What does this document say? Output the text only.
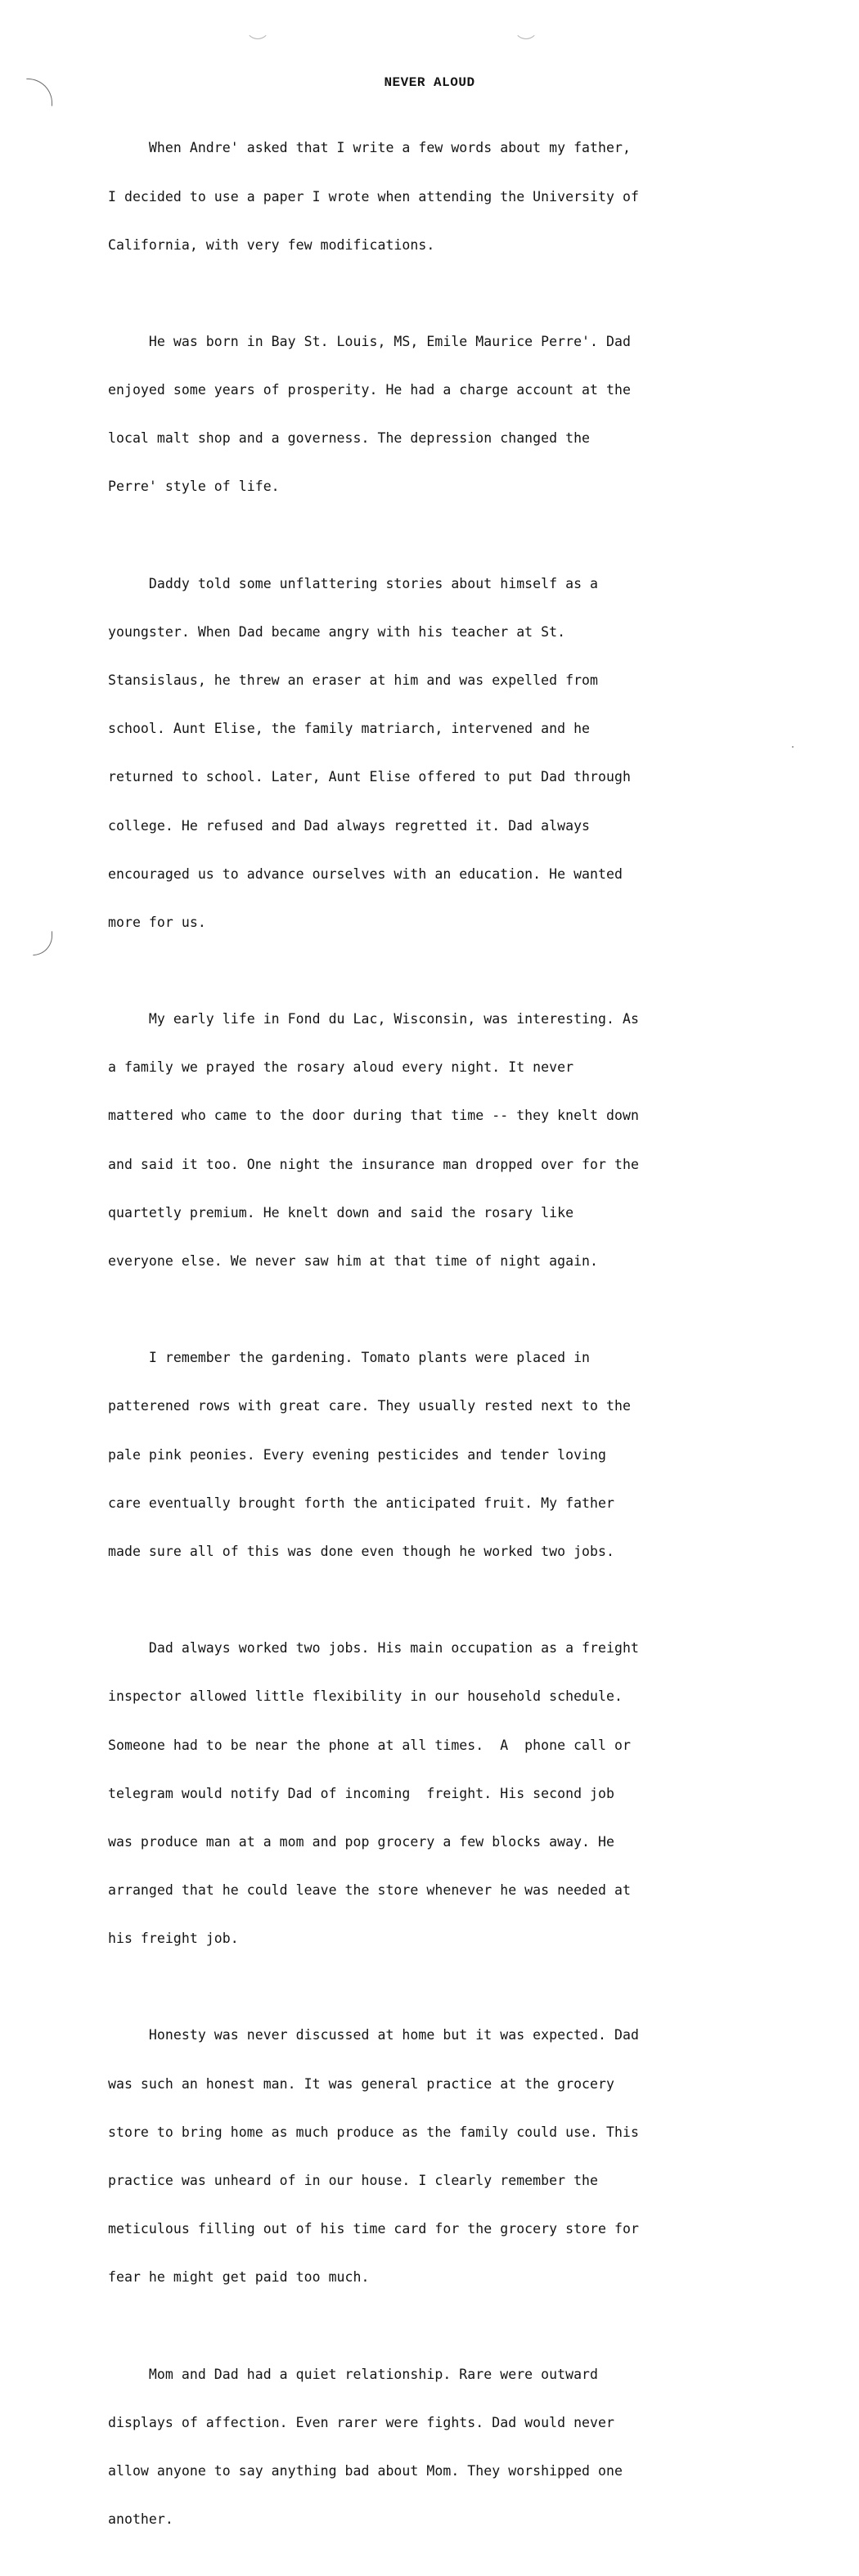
NEVER ALOUD

When Andre' asked that I write a few words about my father,

I decided to use a paper I wrote when attending the University of

California, with very few modifications.

He was born in Bay St. Louis, MS, Emile Maurice Perre'. Dad

enjoyed some years of prosperity. He had a charge account at the

local malt shop and a governess. The depression changed the

Perre' style of life.

Daddy told some unflattering stories about himself as a

youngster. When Dad became angry with his teacher at St.

Stansislaus, he threw an eraser at him and was expelled from

school. Aunt Elise, the family matriarch, intervened and he

returned to school. Later, Aunt Elise offered to put Dad through

college. He refused and Dad always regretted it. Dad always

encouraged us to advance ourselves with an education. He wanted

more for us.

My early life in Fond du Lac, Wisconsin, was interesting. As

a family we prayed the rosary aloud every night. It never

mattered who came to the door during that time -- they knelt down

and said it too. One night the insurance man dropped over for the

quartetly premium. He knelt down and said the rosary like

everyone else. We never saw him at that time of night again.

I remember the gardening. Tomato plants were placed in

patterened rows with great care. They usually rested next to the

pale pink peonies. Every evening pesticides and tender loving

care eventually brought forth the anticipated fruit. My father

made sure all of this was done even though he worked two jobs.

Dad always worked two jobs. His main occupation as a freight

inspector allowed little flexibility in our household schedule.

Someone had to be near the phone at all times.  A  phone call or

telegram would notify Dad of incoming  freight. His second job

was produce man at a mom and pop grocery a few blocks away. He

arranged that he could leave the store whenever he was needed at

his freight job.

Honesty was never discussed at home but it was expected. Dad

was such an honest man. It was general practice at the grocery

store to bring home as much produce as the family could use. This

practice was unheard of in our house. I clearly remember the

meticulous filling out of his time card for the grocery store for

fear he might get paid too much.

Mom and Dad had a quiet relationship. Rare were outward

displays of affection. Even rarer were fights. Dad would never

allow anyone to say anything bad about Mom. They worshipped one

another.
